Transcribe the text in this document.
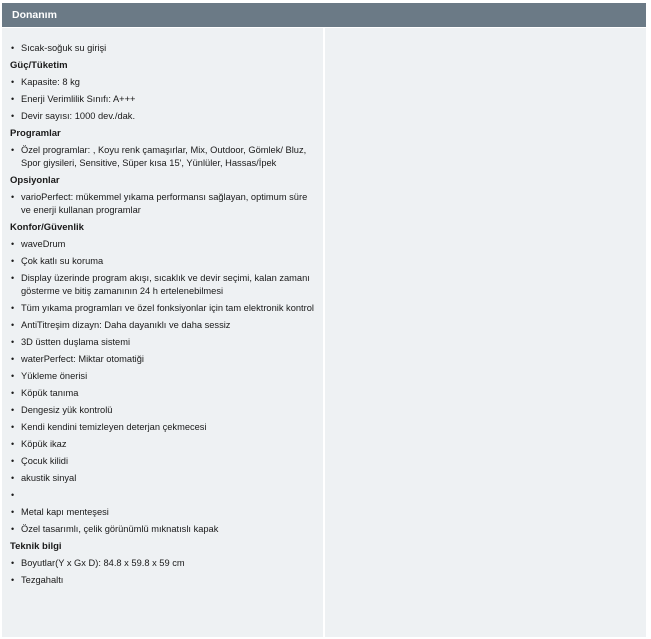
Donanım
• Sıcak-soğuk su girişi
Güç/Tüketim
• Kapasite: 8 kg
• Enerji Verimlilik Sınıfı: A+++
• Devir sayısı: 1000 dev./dak.
Programlar
• Özel programlar: , Koyu renk çamaşırlar, Mix, Outdoor, Gömlek/ Bluz, Spor giysileri, Sensitive, Süper kısa 15', Yünlüler, Hassas/İpek
Opsiyonlar
• varioPerfect: mükemmel yıkama performansı sağlayan, optimum süre ve enerji kullanan programlar
Konfor/Güvenlik
• waveDrum
• Çok katlı su koruma
• Display üzerinde program akışı, sıcaklık ve devir seçimi, kalan zamanı gösterme ve bitiş zamanının 24 h ertelenebilmesi
• Tüm yıkama programları ve özel fonksiyonlar için tam elektronik kontrol
• AntiTitreşim dizayn: Daha dayanıklı ve daha sessiz
• 3D üstten duşlama sistemi
• waterPerfect: Miktar otomatiği
• Yükleme önerisi
• Köpük tanıma
• Dengesiz yük kontrolü
• Kendi kendini temizleyen deterjan çekmecesi
• Köpük ikaz
• Çocuk kilidi
• akustik sinyal
•
• Metal kapı menteşesi
• Özel tasarımlı, çelik görünümlü mıknatıslı kapak
Teknik bilgi
• Boyutlar(Y x Gx D): 84.8 x 59.8 x 59 cm
• Tezgahaltı
